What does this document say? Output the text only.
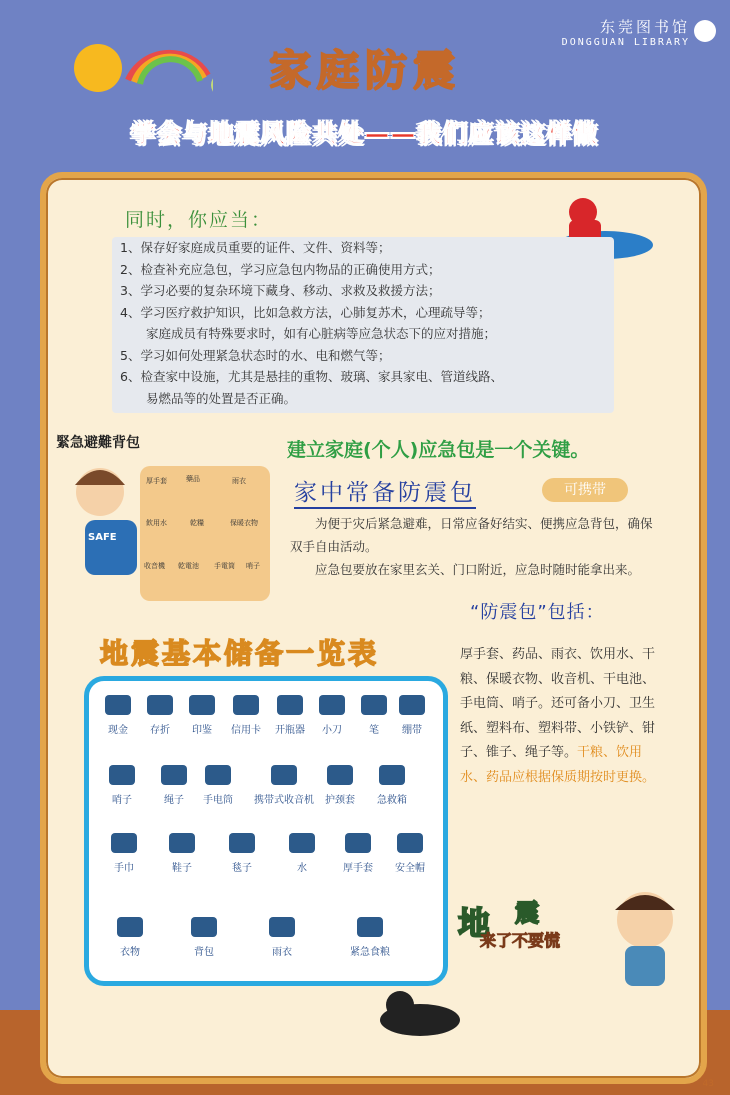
东莞图书馆
DONGGUAN LIBRARY
家庭防震
学会与地震风险共处——我们应该这样做
同时，你应当：
1、保存好家庭成员重要的证件、文件、资料等；
2、检查补充应急包，学习应急包内物品的正确使用方式；
3、学习必要的复杂环境下藏身、移动、求救及救援方法；
4、学习医疗救护知识，比如急救方法，心肺复苏术，心理疏导等；
家庭成员有特殊要求时，如有心脏病等应急状态下的应对措施；
5、学习如何处理紧急状态时的水、电和燃气等；
6、检查家中设施，尤其是悬挂的重物、玻璃、家具家电、管道线路、
易燃品等的处置是否正确。
SAFE
緊急避難背包
厚手套	藥品	雨衣
飲用水	乾糧	保暖衣物
收音機 乾電池 手電筒 哨子
建立家庭(个人)应急包是一个关键。
家中常备防震包	可携带
为便于灾后紧急避难，日常应备好结实、便携应急背包，确保双手自由活动。
应急包要放在家里玄关、门口附近，应急时随时能拿出来。
“防震包”包括：
厚手套、药品、雨衣、饮用水、干粮、保暖衣物、收音机、干电池、手电筒、哨子。还可备小刀、卫生纸、塑料布、塑料带、小铁铲、钳子、锥子、绳子等。干粮、饮用水、药品应根据保质期按时更换。
地震基本储备一览表
现金	存折	印鉴	信用卡	开瓶器	小刀	笔	绷带
哨子	绳子	手电筒	携带式收音机	护颈套	急救箱
手巾	鞋子	毯子	水	厚手套	安全帽
衣物	背包	雨衣	紧急食粮
地 震
来了不要慌
43
